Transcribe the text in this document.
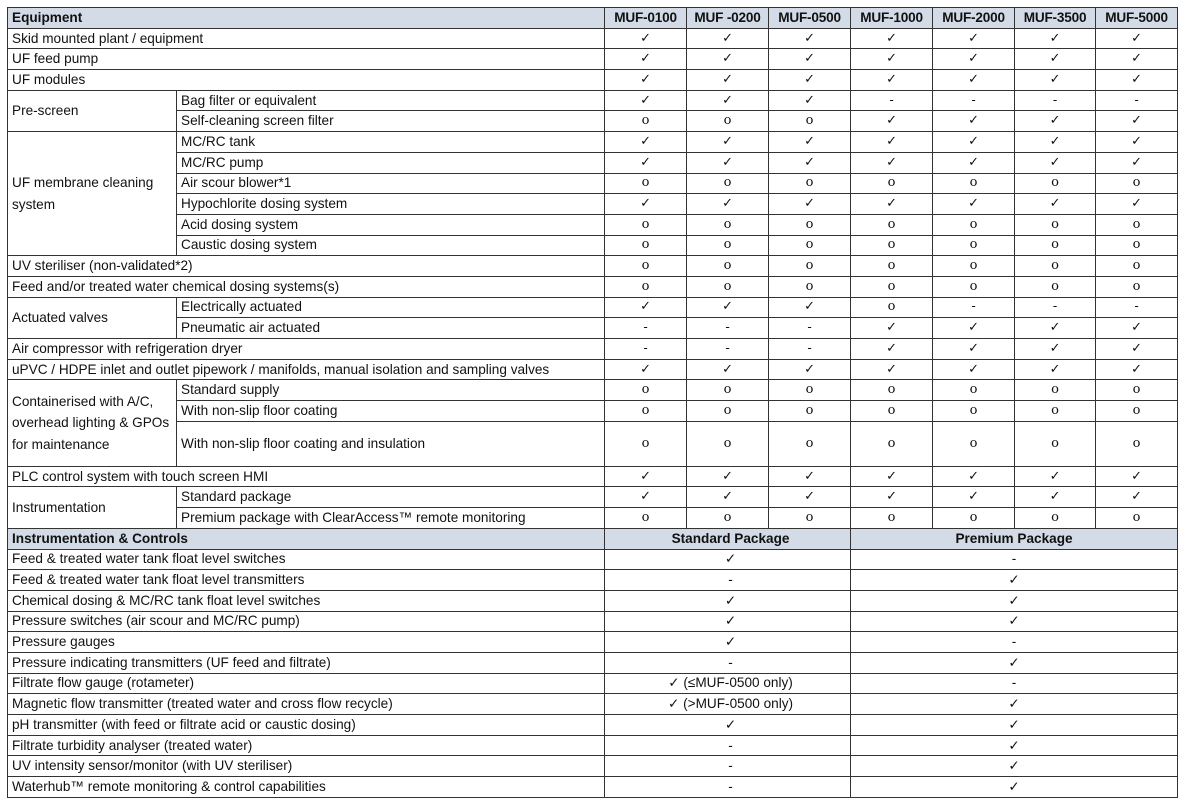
Equipment		MUF-0100	MUF -0200	MUF-0500	MUF-1000	MUF-2000	MUF-3500	MUF-5000
Skid mounted plant / equipment		✓	✓	✓	✓	✓	✓	✓
UF feed pump		✓	✓	✓	✓	✓	✓	✓
UF modules		✓	✓	✓	✓	✓	✓	✓
Pre-screen	Bag filter or equivalent	✓	✓	✓	-	-	-	-
	Self-cleaning screen filter	o	o	o	✓	✓	✓	✓
UF membrane cleaning system	MC/RC tank	✓	✓	✓	✓	✓	✓	✓
	MC/RC pump	✓	✓	✓	✓	✓	✓	✓
	Air scour blower*1	o	o	o	o	o	o	o
	Hypochlorite dosing system	✓	✓	✓	✓	✓	✓	✓
	Acid dosing system	o	o	o	o	o	o	o
	Caustic dosing system	o	o	o	o	o	o	o
UV steriliser (non-validated*2)		o	o	o	o	o	o	o
Feed and/or treated water chemical dosing systems(s)		o	o	o	o	o	o	o
Actuated valves	Electrically actuated	✓	✓	✓	o	-	-	-
	Pneumatic air actuated	-	-	-	✓	✓	✓	✓
Air compressor with refrigeration dryer		-	-	-	✓	✓	✓	✓
uPVC / HDPE inlet and outlet pipework / manifolds, manual isolation and sampling valves		✓	✓	✓	✓	✓	✓	✓
Containerised with A/C, overhead lighting & GPOs for maintenance	Standard supply	o	o	o	o	o	o	o
	With non-slip floor coating	o	o	o	o	o	o	o
	With non-slip floor coating and insulation	o	o	o	o	o	o	o
PLC control system with touch screen HMI		✓	✓	✓	✓	✓	✓	✓
Instrumentation	Standard package	✓	✓	✓	✓	✓	✓	✓
	Premium package with ClearAccess™ remote monitoring	o	o	o	o	o	o	o
Instrumentation & Controls		Standard Package			Premium Package			
Feed & treated water tank float level switches		✓			-			
Feed & treated water tank float level transmitters		-			✓			
Chemical dosing & MC/RC tank float level switches		✓			✓			
Pressure switches (air scour and MC/RC pump)		✓			✓			
Pressure gauges		✓			-			
Pressure indicating transmitters (UF feed and filtrate)		-			✓			
Filtrate flow gauge (rotameter)		✓ (≤MUF-0500 only)			-			
Magnetic flow transmitter (treated water and cross flow recycle)		✓ (>MUF-0500 only)			✓			
pH transmitter (with feed or filtrate acid or caustic dosing)		✓			✓			
Filtrate turbidity analyser (treated water)		-			✓			
UV intensity sensor/monitor (with UV steriliser)		-			✓			
Waterhub™ remote monitoring & control capabilities		-			✓			
